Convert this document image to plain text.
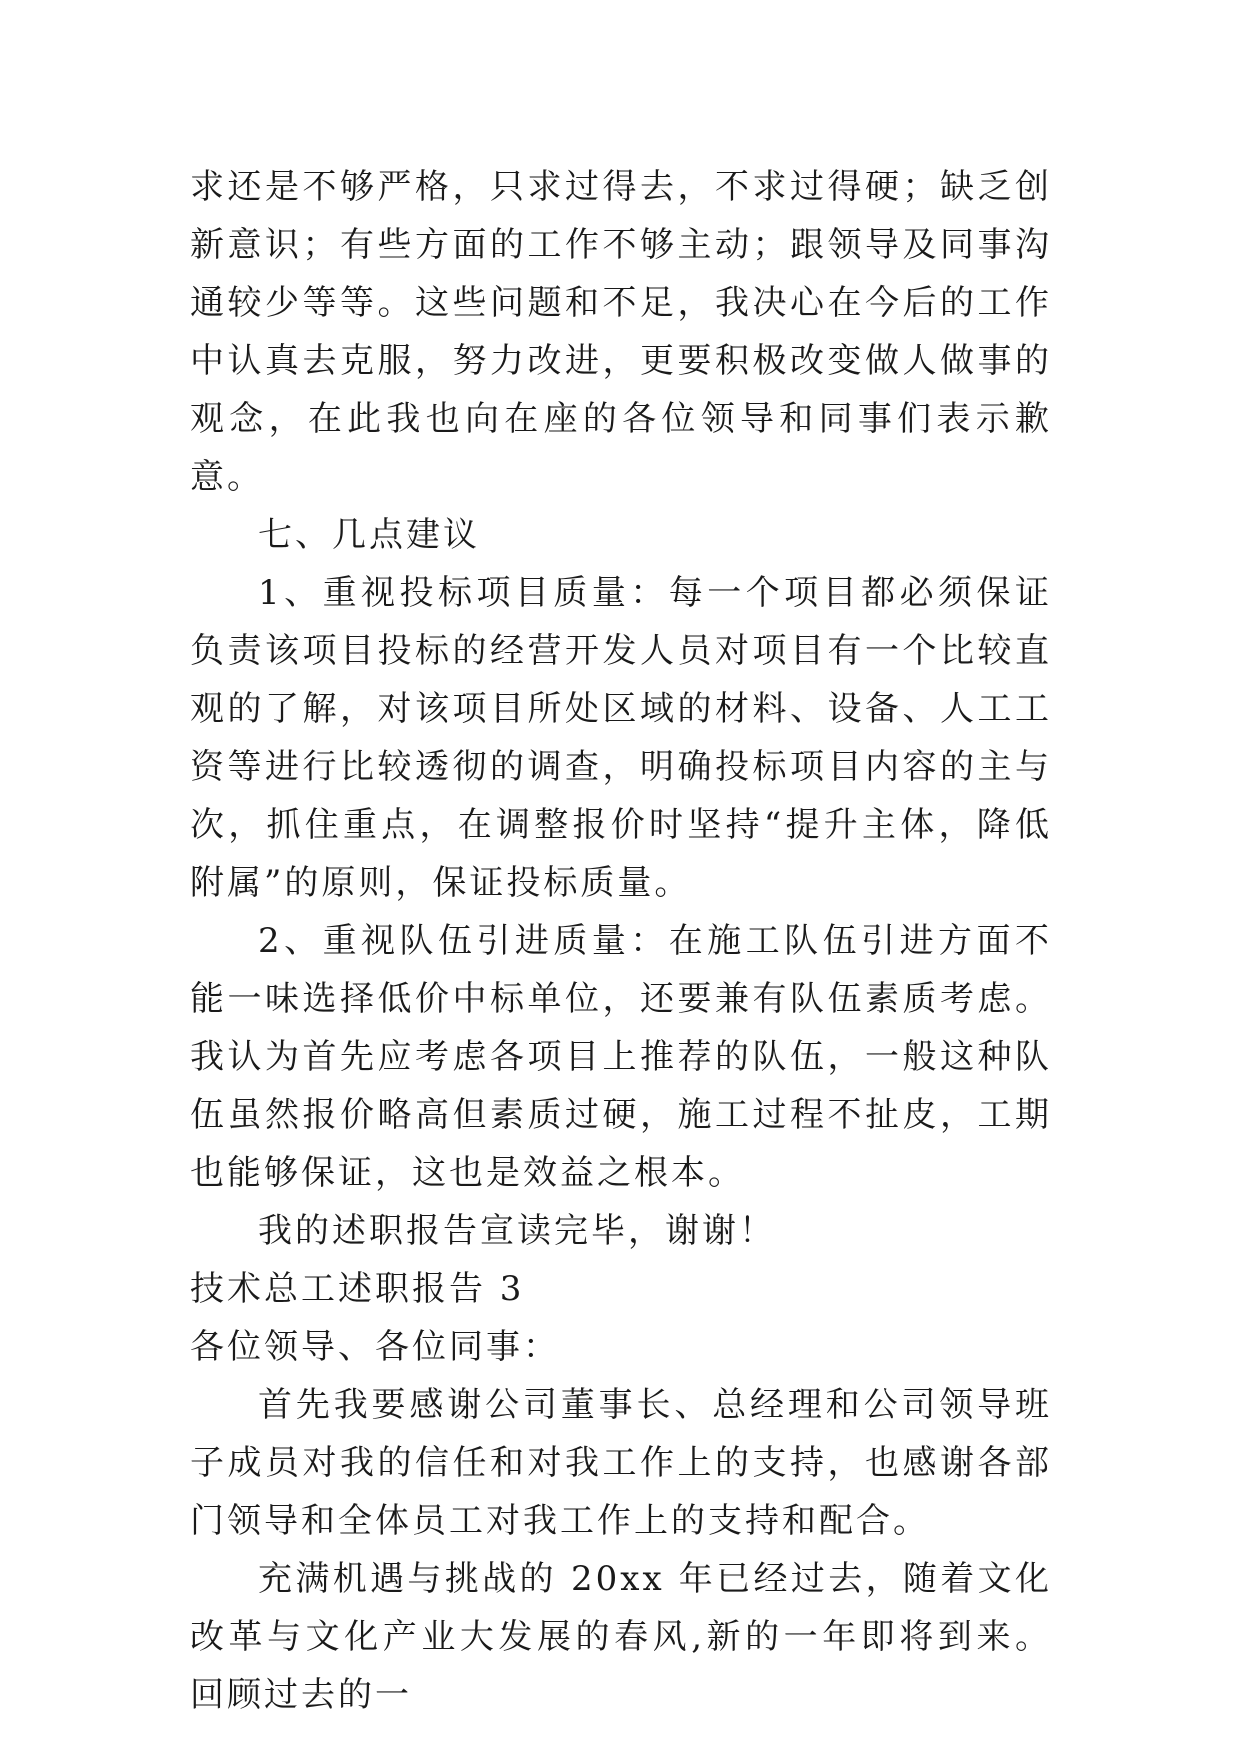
求还是不够严格，只求过得去，不求过得硬；缺乏创新意识；有些方面的工作不够主动；跟领导及同事沟通较少等等。这些问题和不足，我决心在今后的工作中认真去克服，努力改进，更要积极改变做人做事的观念，在此我也向在座的各位领导和同事们表示歉意。

七、几点建议

1、重视投标项目质量：每一个项目都必须保证负责该项目投标的经营开发人员对项目有一个比较直观的了解，对该项目所处区域的材料、设备、人工工资等进行比较透彻的调查，明确投标项目内容的主与次，抓住重点，在调整报价时坚持“提升主体，降低附属”的原则，保证投标质量。

2、重视队伍引进质量：在施工队伍引进方面不能一味选择低价中标单位，还要兼有队伍素质考虑。我认为首先应考虑各项目上推荐的队伍，一般这种队伍虽然报价略高但素质过硬，施工过程不扯皮，工期也能够保证，这也是效益之根本。

我的述职报告宣读完毕，谢谢！

技术总工述职报告 3

各位领导、各位同事：

首先我要感谢公司董事长、总经理和公司领导班子成员对我的信任和对我工作上的支持，也感谢各部门领导和全体员工对我工作上的支持和配合。

充满机遇与挑战的 20xx 年已经过去，随着文化改革与文化产业大发展的春风,新的一年即将到来。回顾过去的一
